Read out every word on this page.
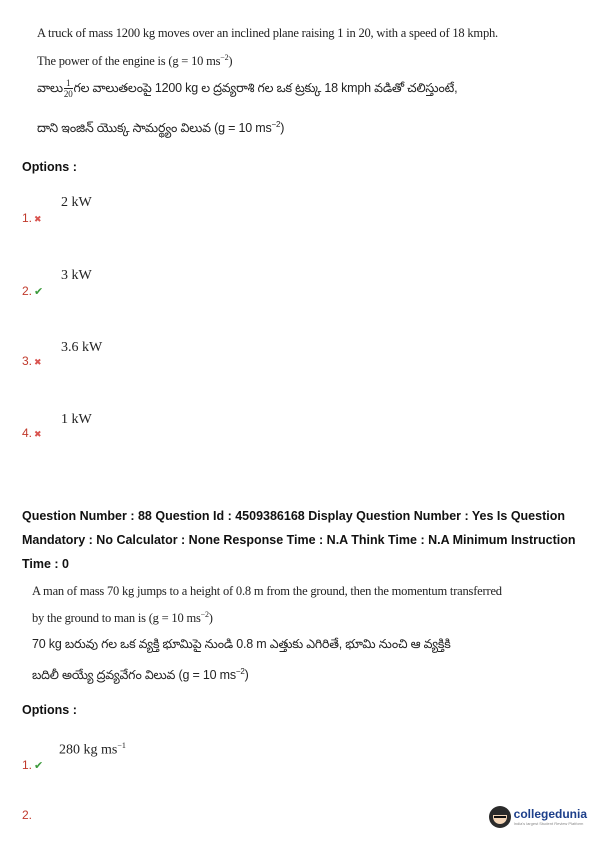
A truck of mass 1200 kg moves over an inclined plane raising 1 in 20, with a speed of 18 kmph.
The power of the engine is (g = 10 $ms^{-2}$)
వాలు $\frac{1}{20}$ గల వాలుతలంపై 1200 kg ల ద్రవ్యరాశి గల ఒక ట్రక్కు 18 kmph వడితో చలిస్తుంటే,
దాని ఇంజిన్ యొక్క సామర్థ్యం విలువ (g = 10 $ms^{-2}$)
Options :
2 kW
1. ✖
3 kW
2. ✔
3.6 kW
3. ✖
1 kW
4. ✖
Question Number : 88 Question Id : 4509386168 Display Question Number : Yes Is Question
Mandatory : No Calculator : None Response Time : N.A Think Time : N.A Minimum Instruction
Time : 0
A man of mass 70 kg jumps to a height of 0.8 m from the ground, then the momentum transferred
by the ground to man is (g = 10 $ms^{-2}$)
70 kg బరువు గల ఒక వ్యక్తి భూమిపై నుండి 0.8 m ఎత్తుకు ఎగిరితే, భూమి నుంచి ఆ వ్యక్తికి
బదిలీ అయ్యే ద్రవ్యవేగం విలువ (g = 10 $ms^{-2}$)
Options :
280 kg $ms^{-1}$
1. ✔
2.	collegedunia
India's largest Student Review Platform
